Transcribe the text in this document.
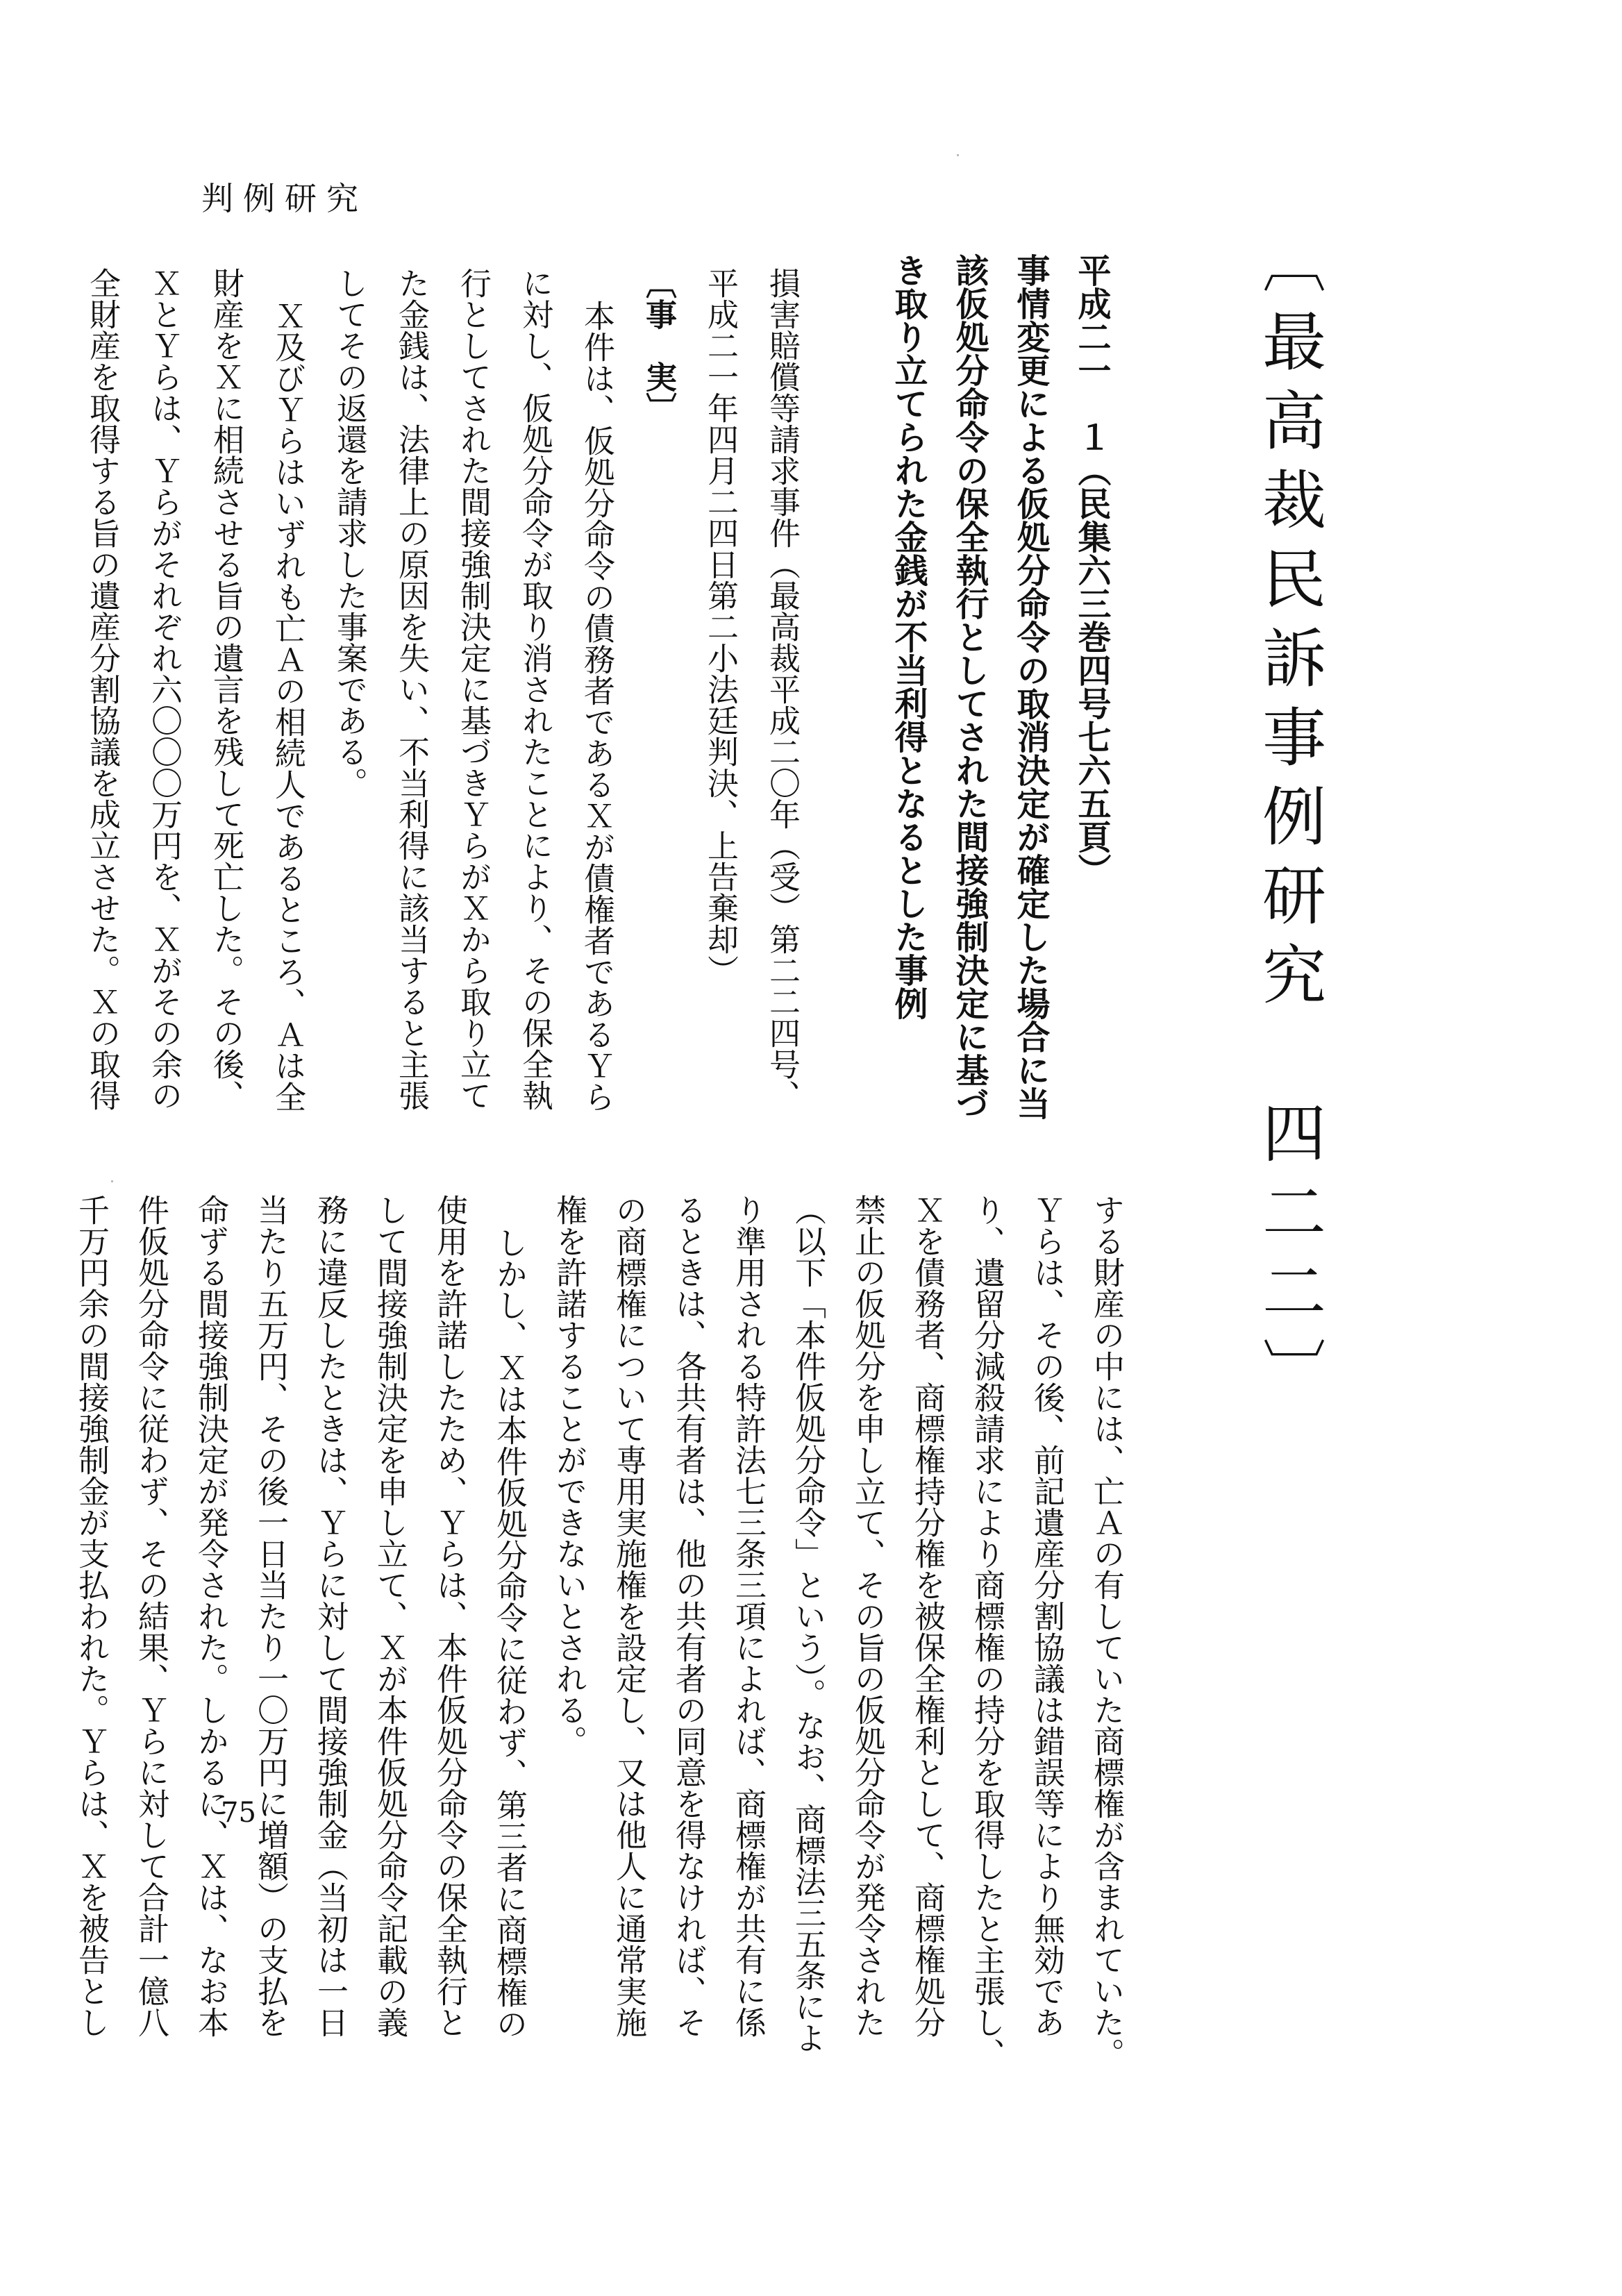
判例研究
〔最高裁民訴事例研究　四二二〕
平成二一　１（民集六三巻四号七六五頁）
事情変更による仮処分命令の取消決定が確定した場合に当
該仮処分命令の保全執行としてされた間接強制決定に基づ
き取り立てられた金銭が不当利得となるとした事例
損害賠償等請求事件（最高裁平成二〇年（受）第二二四号、
平成二一年四月二四日第二小法廷判決、上告棄却）
〔事　実〕
本件は、仮処分命令の債務者であるＸが債権者であるＹら
に対し、仮処分命令が取り消されたことにより、その保全執
行としてされた間接強制決定に基づきＹらがＸから取り立て
た金銭は、法律上の原因を失い、不当利得に該当すると主張
してその返還を請求した事案である。
Ｘ及びＹらはいずれも亡Ａの相続人であるところ、Ａは全
財産をＸに相続させる旨の遺言を残して死亡した。その後、
ＸとＹらは、Ｙらがそれぞれ六〇〇〇万円を、Ｘがその余の
全財産を取得する旨の遺産分割協議を成立させた。Ｘの取得
する財産の中には、亡Ａの有していた商標権が含まれていた。
Ｙらは、その後、前記遺産分割協議は錯誤等により無効であ
り、遺留分減殺請求により商標権の持分を取得したと主張し、
Ｘを債務者、商標権持分権を被保全権利として、商標権処分
禁止の仮処分を申し立て、その旨の仮処分命令が発令された
（以下「本件仮処分命令」という）。なお、商標法三五条によ
り準用される特許法七三条三項によれば、商標権が共有に係
るときは、各共有者は、他の共有者の同意を得なければ、そ
の商標権について専用実施権を設定し、又は他人に通常実施
権を許諾することができないとされる。
しかし、Ｘは本件仮処分命令に従わず、第三者に商標権の
使用を許諾したため、Ｙらは、本件仮処分命令の保全執行と
して間接強制決定を申し立て、Ｘが本件仮処分命令記載の義
務に違反したときは、Ｙらに対して間接強制金（当初は一日
当たり五万円、その後一日当たり一〇万円に増額）の支払を
命ずる間接強制決定が発令された。しかるに、Ｘは、なお本
件仮処分命令に従わず、その結果、Ｙらに対して合計一億八
千万円余の間接強制金が支払われた。Ｙらは、Ｘを被告とし	75
